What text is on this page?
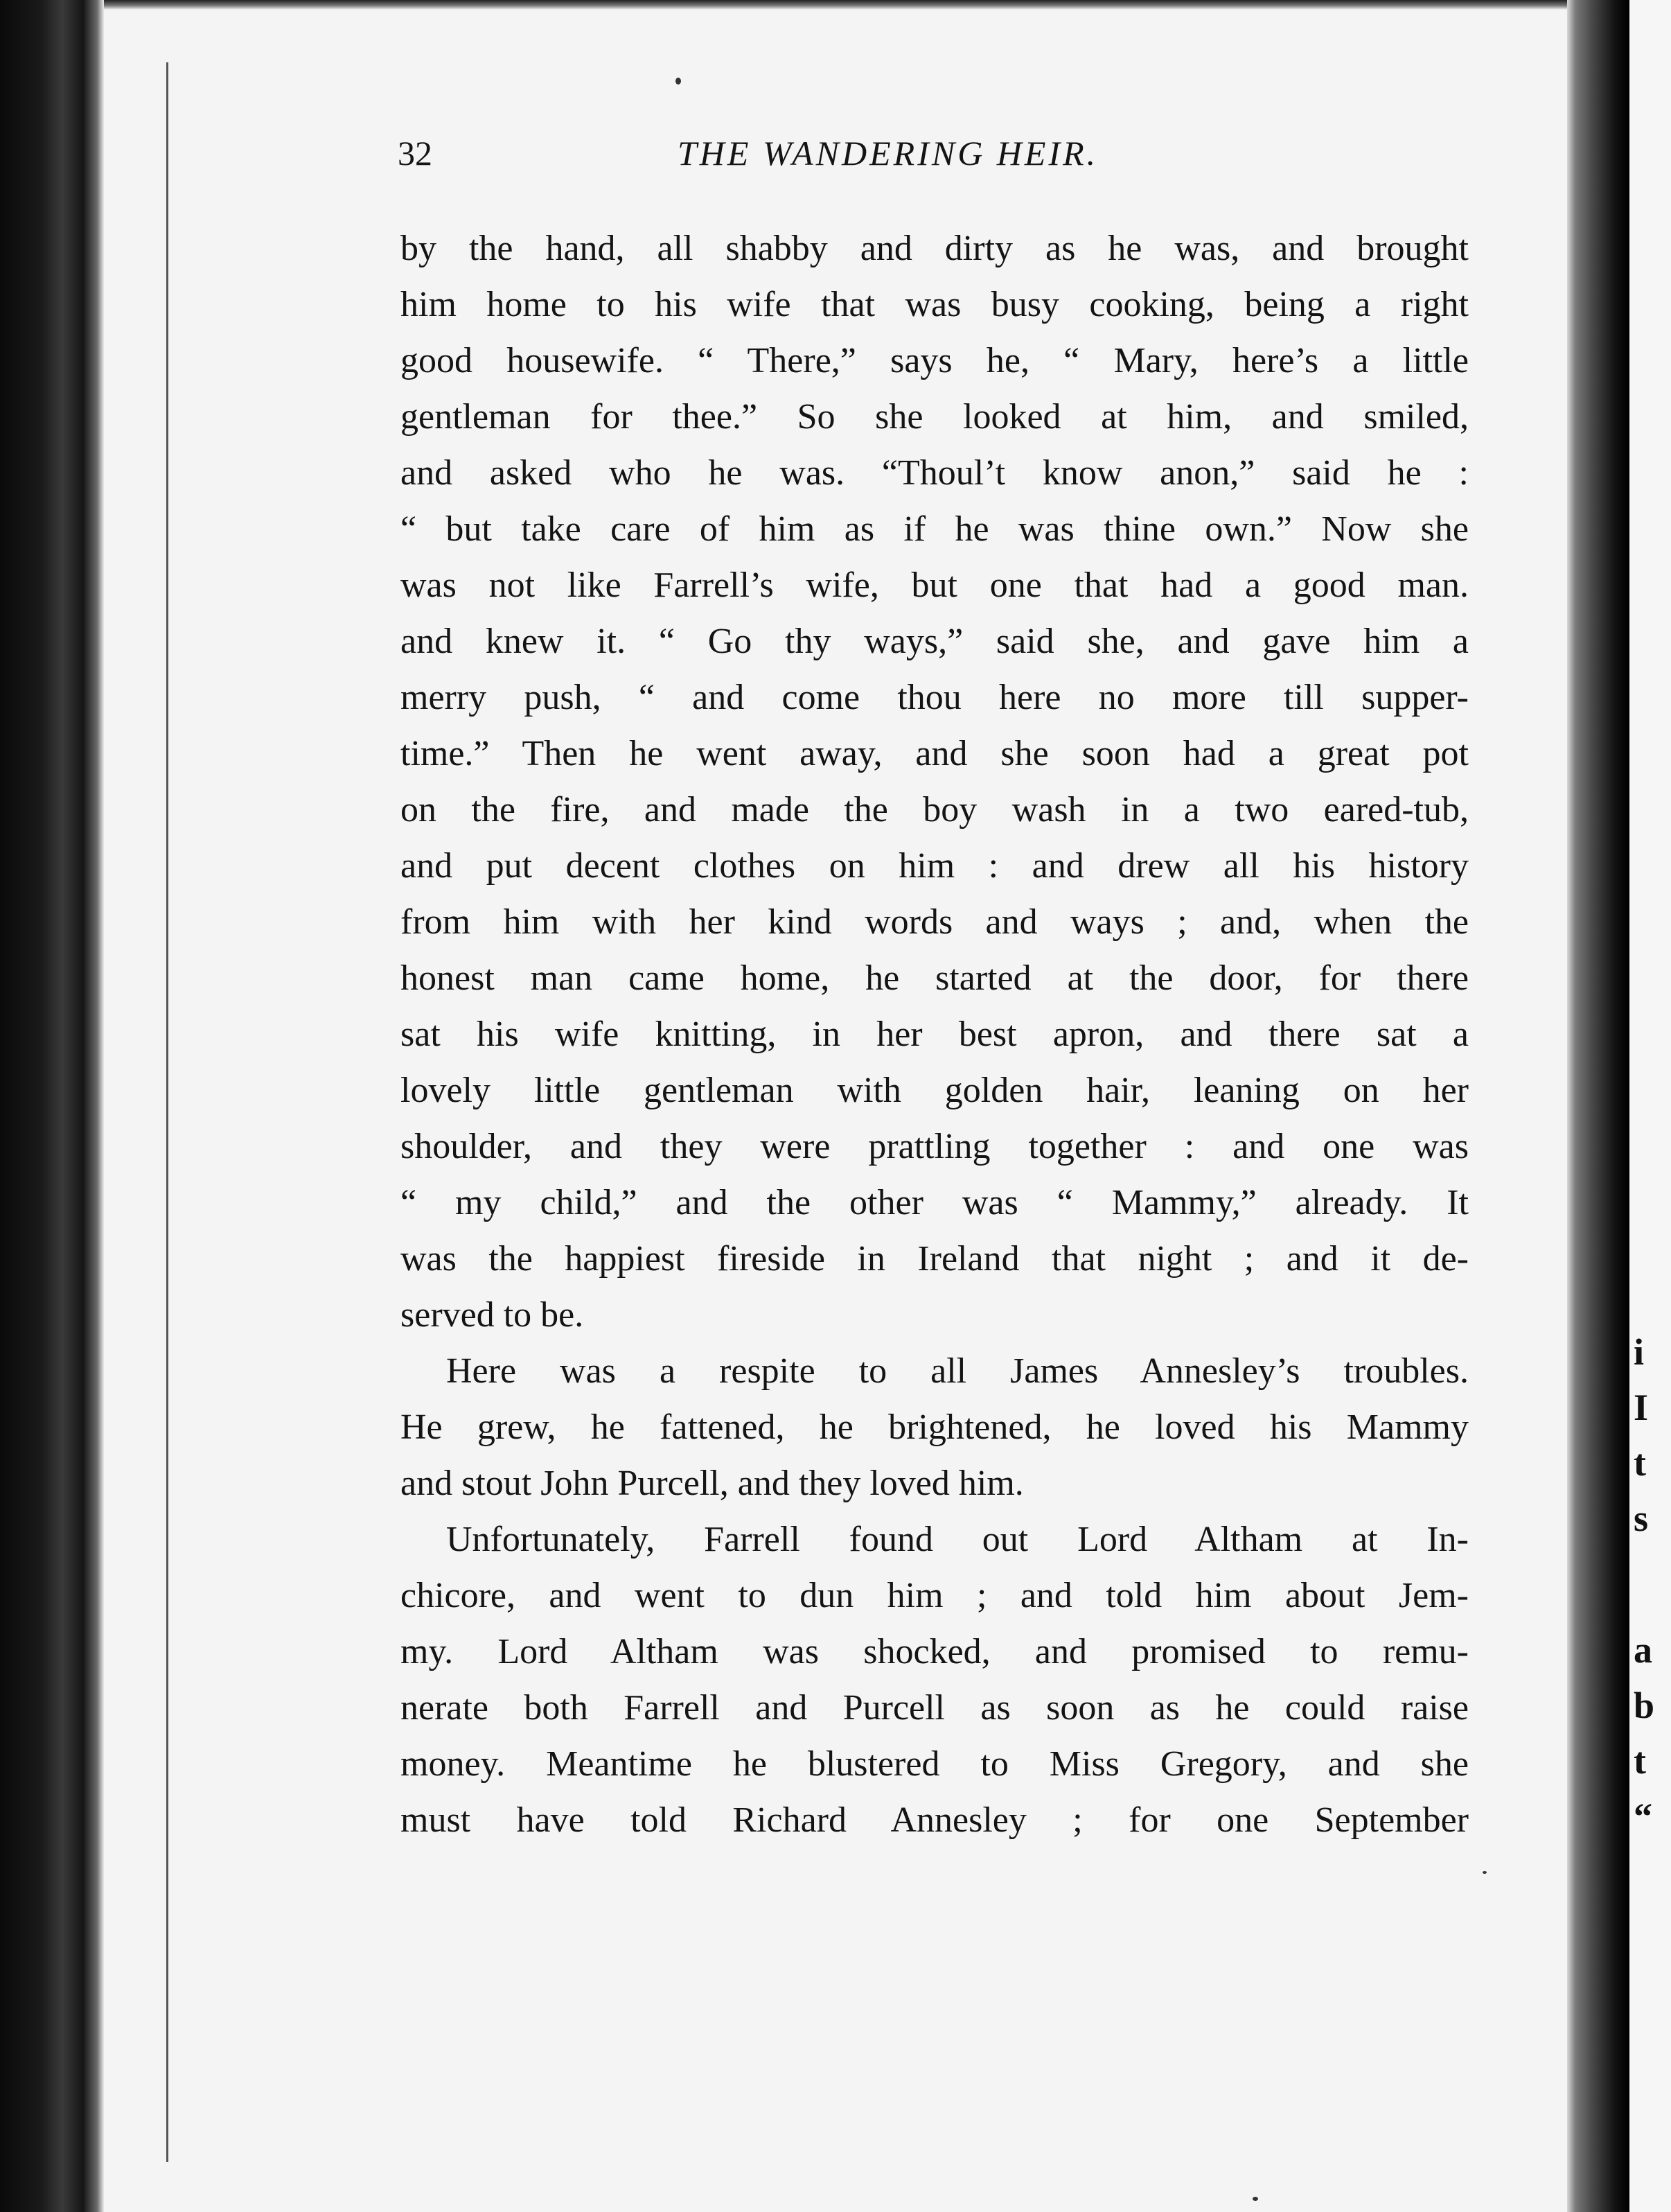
i
I
t
s
a
b
t
“
32	THE WANDERING HEIR.
by the hand, all shabby and dirty as he was, and brought
him home to his wife that was busy cooking, being a right
good housewife. “ There,” says he, “ Mary, here’s a little
gentleman for thee.” So she looked at him, and smiled,
and asked who he was. “Thoul’t know anon,” said he :
“ but take care of him as if he was thine own.” Now she
was not like Farrell’s wife, but one that had a good man.
and knew it. “ Go thy ways,” said she, and gave him a
merry push, “ and come thou here no more till supper-
time.” Then he went away, and she soon had a great pot
on the fire, and made the boy wash in a two eared-tub,
and put decent clothes on him : and drew all his history
from him with her kind words and ways ; and, when the
honest man came home, he started at the door, for there
sat his wife knitting, in her best apron, and there sat a
lovely little gentleman with golden hair, leaning on her
shoulder, and they were prattling together : and one was
“ my child,” and the other was “ Mammy,” already. It
was the happiest fireside in Ireland that night ; and it de-
served to be.
Here was a respite to all James Annesley’s troubles.
He grew, he fattened, he brightened, he loved his Mammy
and stout John Purcell, and they loved him.
Unfortunately, Farrell found out Lord Altham at In-
chicore, and went to dun him ; and told him about Jem-
my. Lord Altham was shocked, and promised to remu-
nerate both Farrell and Purcell as soon as he could raise
money. Meantime he blustered to Miss Gregory, and she
must have told Richard Annesley ; for one September
